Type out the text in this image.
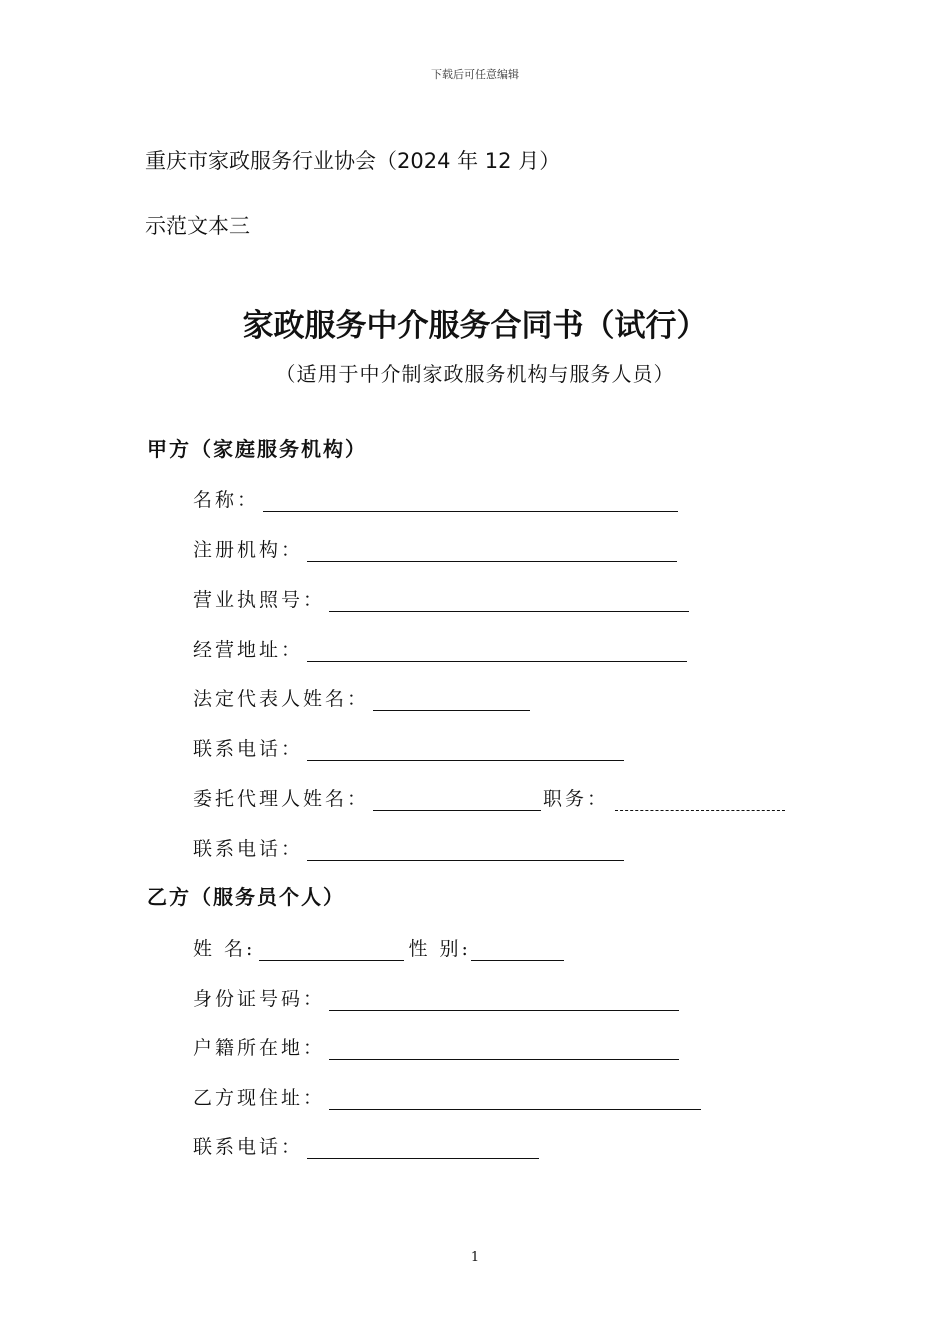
下载后可任意编辑
重庆市家政服务行业协会（2024 年 12 月）
示范文本三
家政服务中介服务合同书（试行）
（适用于中介制家政服务机构与服务人员）
甲方（家庭服务机构）
名称：
注册机构：
营业执照号：
经营地址：
法定代表人姓名：
联系电话：
委托代理人姓名：	职务：
联系电话：
乙方（服务员个人）
姓 名:	性 别:
身份证号码：
户籍所在地：
乙方现住址：
联系电话：
1
